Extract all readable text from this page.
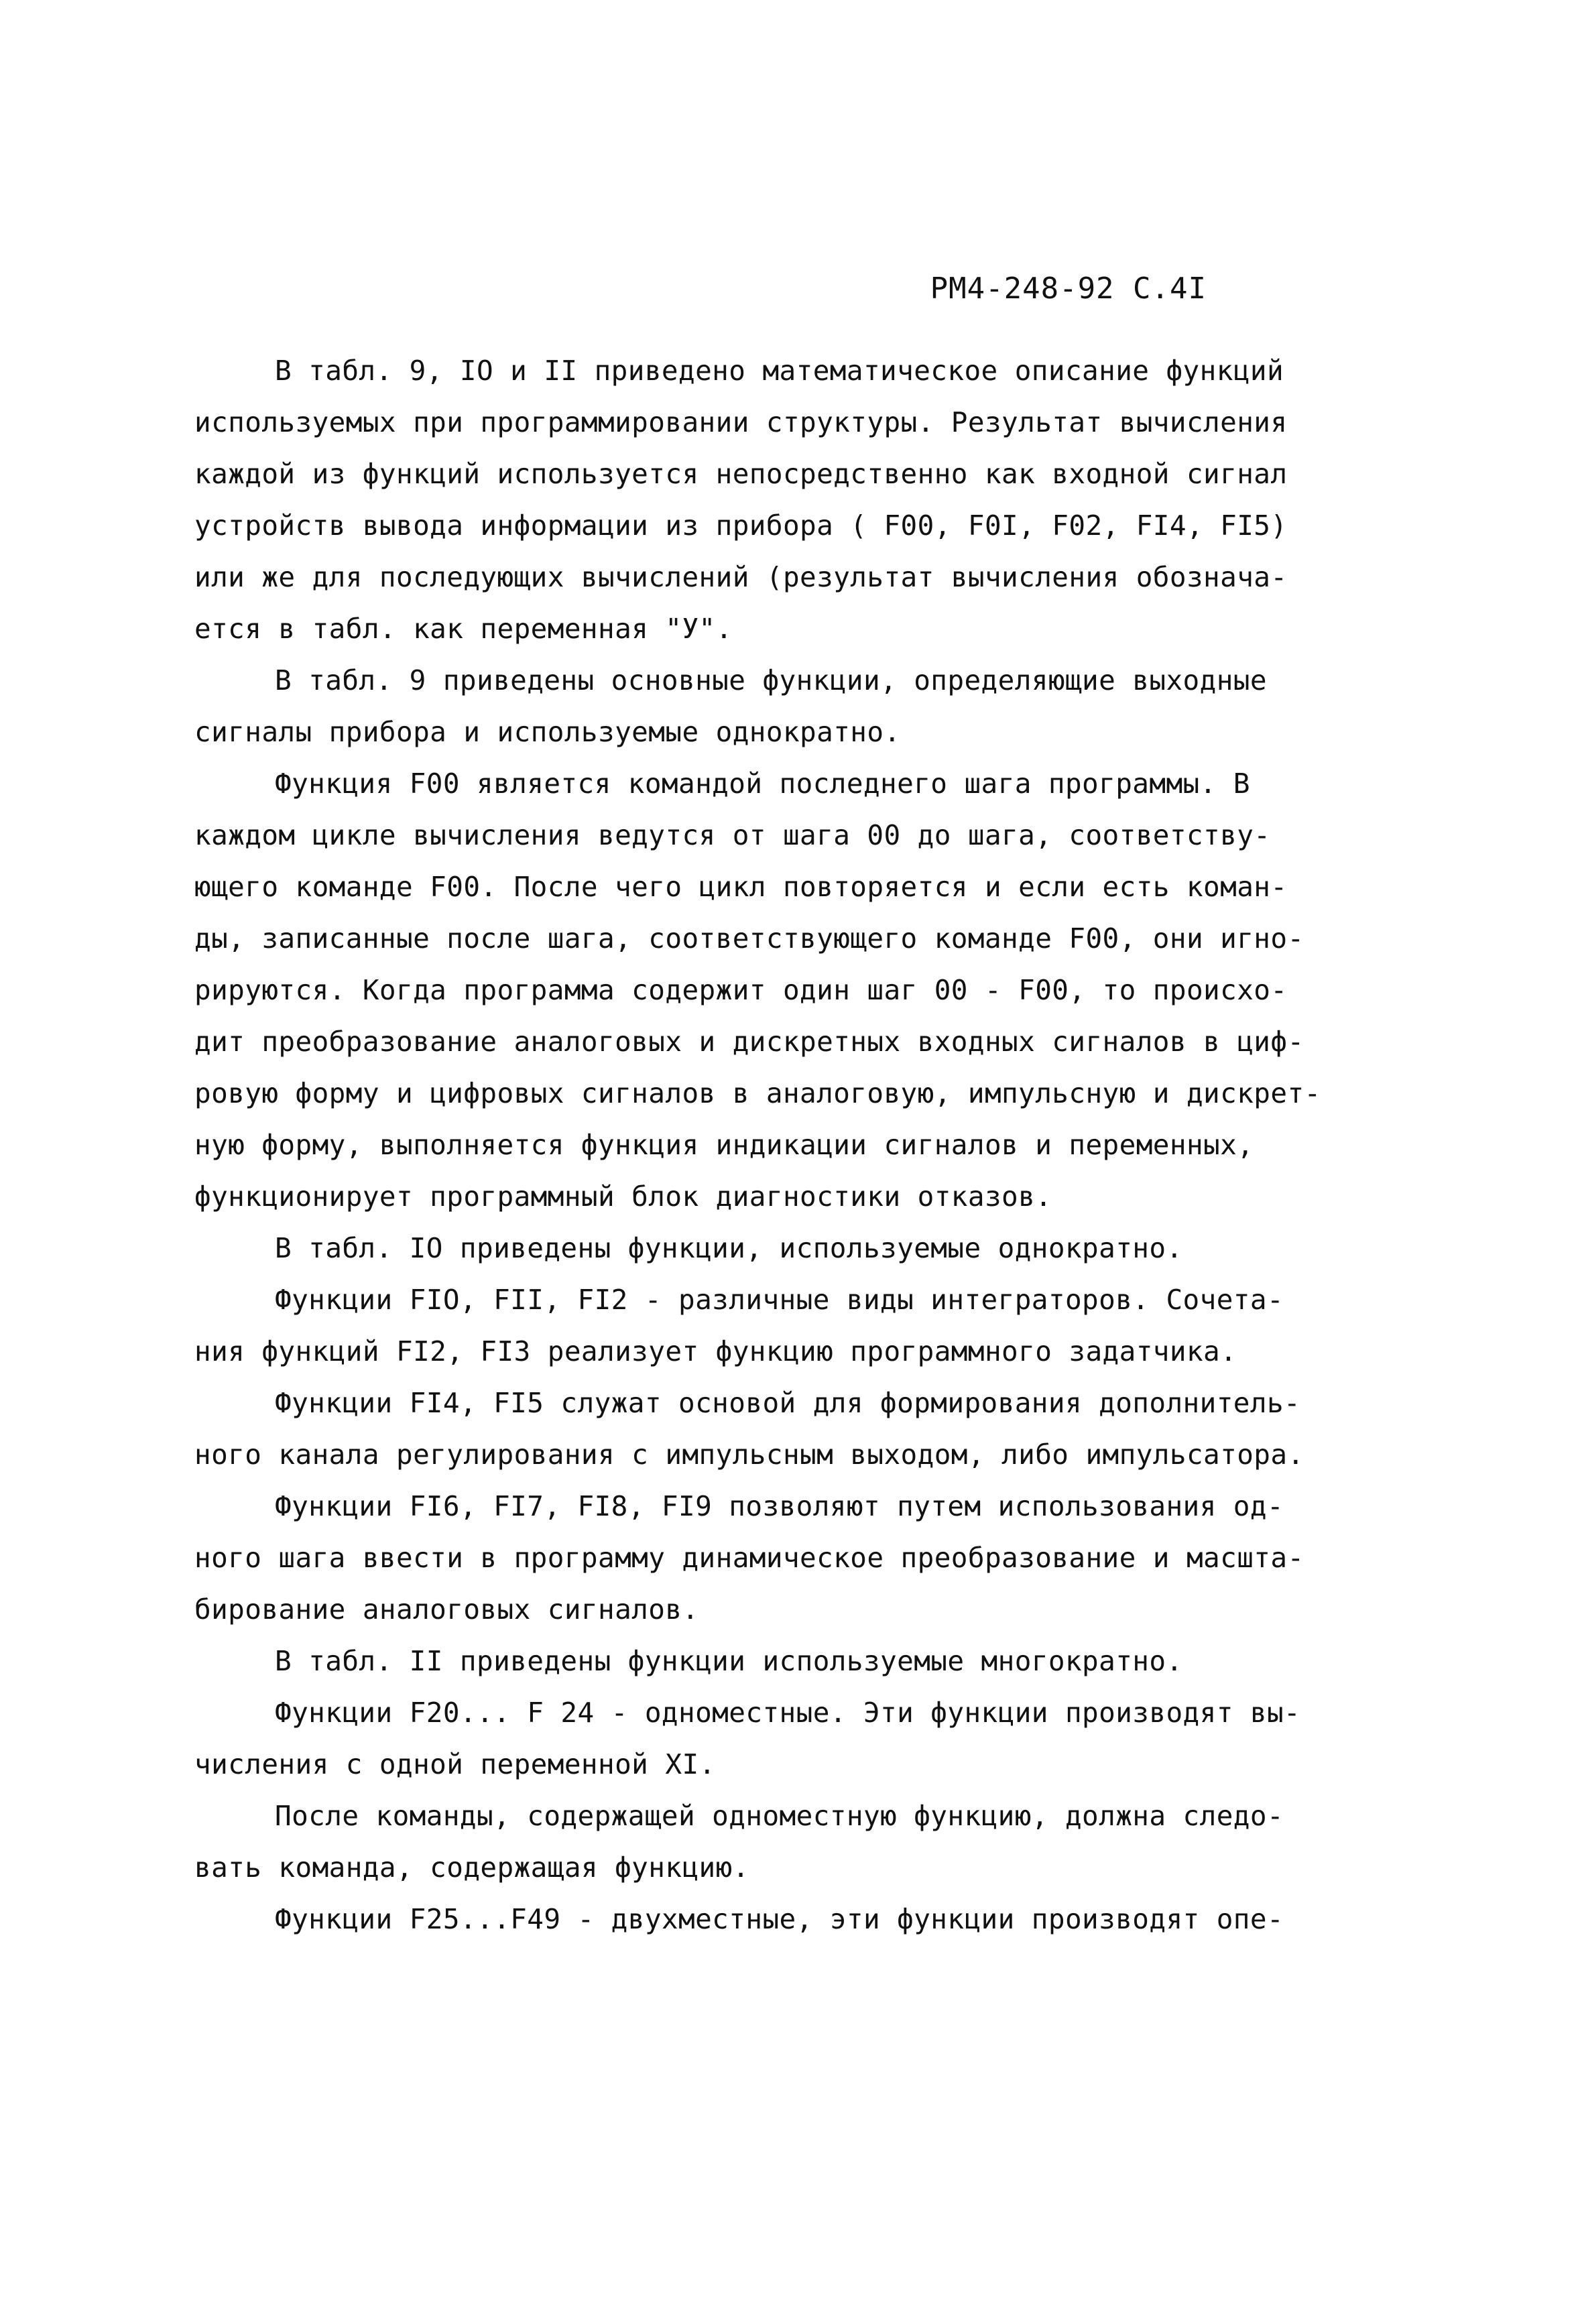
РМ4-248-92 С.4I
В табл. 9, IO и II приведено математическое описание функций
используемых при программировании структуры. Результат вычисления
каждой из функций используется непосредственно как входной сигнал
устройств вывода информации из прибора ( F00, F0I, F02, FI4, FI5)
или же для последующих вычислений (результат вычисления обознача-
ется в табл. как переменная "У".
В табл. 9 приведены основные функции, определяющие выходные
сигналы прибора и используемые однократно.
Функция F00 является командой последнего шага программы. В
каждом цикле вычисления ведутся от шага 00 до шага, соответству-
ющего команде F00. После чего цикл повторяется и если есть коман-
ды, записанные после шага, соответствующего команде F00, они игно-
рируются. Когда программа содержит один шаг 00 - F00, то происхо-
дит преобразование аналоговых и дискретных входных сигналов в циф-
ровую форму и цифровых сигналов в аналоговую, импульсную и дискрет-
ную форму, выполняется функция индикации сигналов и переменных,
функционирует программный блок диагностики отказов.
В табл. IO приведены функции, используемые однократно.
Функции FIO, FII, FI2 - различные виды интеграторов. Сочета-
ния функций FI2, FI3 реализует функцию программного задатчика.
Функции FI4, FI5 служат основой для формирования дополнитель-
ного канала регулирования с импульсным выходом, либо импульсатора.
Функции FI6, FI7, FI8, FI9 позволяют путем использования од-
ного шага ввести в программу динамическое преобразование и масшта-
бирование аналоговых сигналов.
В табл. II приведены функции используемые многократно.
Функции F20... F 24 - одноместные. Эти функции производят вы-
числения с одной переменной XI.
После команды, содержащей одноместную функцию, должна следо-
вать команда, содержащая функцию.
Функции F25...F49 - двухместные, эти функции производят опе-
